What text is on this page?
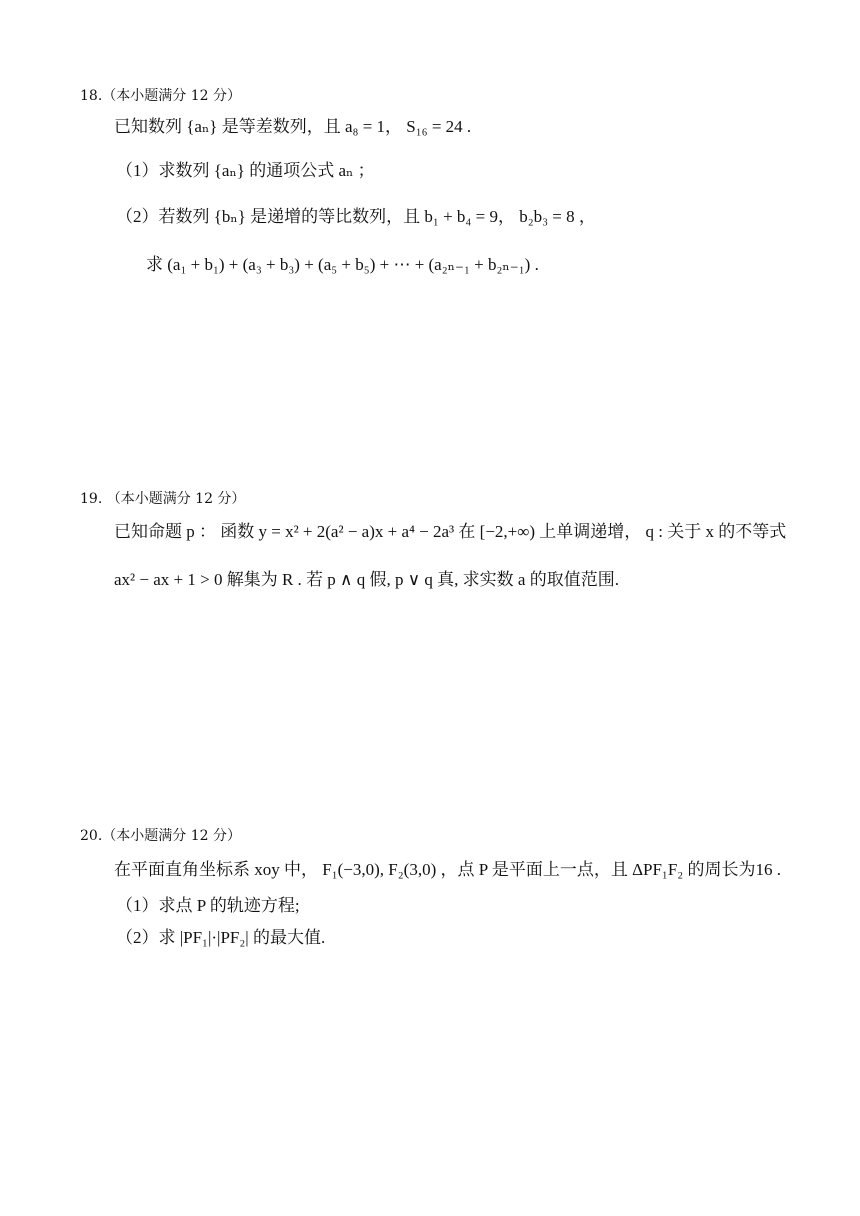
18.（本小题满分 12 分）
已知数列 {aₙ} 是等差数列，且 a₈ = 1， S₁₆ = 24 .
（1）求数列 {aₙ} 的通项公式 aₙ ；
（2）若数列 {bₙ} 是递增的等比数列，且 b₁ + b₄ = 9， b₂b₃ = 8 ，
求 (a₁ + b₁) + (a₃ + b₃) + (a₅ + b₅) + ⋯ + (a₂ₙ₋₁ + b₂ₙ₋₁) .
19. （本小题满分 12 分）
已知命题 p ： 函数 y = x² + 2(a² − a)x + a⁴ − 2a³ 在 [−2,+∞) 上单调递增， q : 关于 x 的不等式
ax² − ax + 1 > 0 解集为 R . 若 p ∧ q 假, p ∨ q 真, 求实数 a 的取值范围.
20.（本小题满分 12 分）
在平面直角坐标系 xoy 中， F₁(−3,0), F₂(3,0) ，点 P 是平面上一点，且 ΔPF₁F₂ 的周长为16 .
（1）求点 P 的轨迹方程;
（2）求 |PF₁|·|PF₂| 的最大值.
